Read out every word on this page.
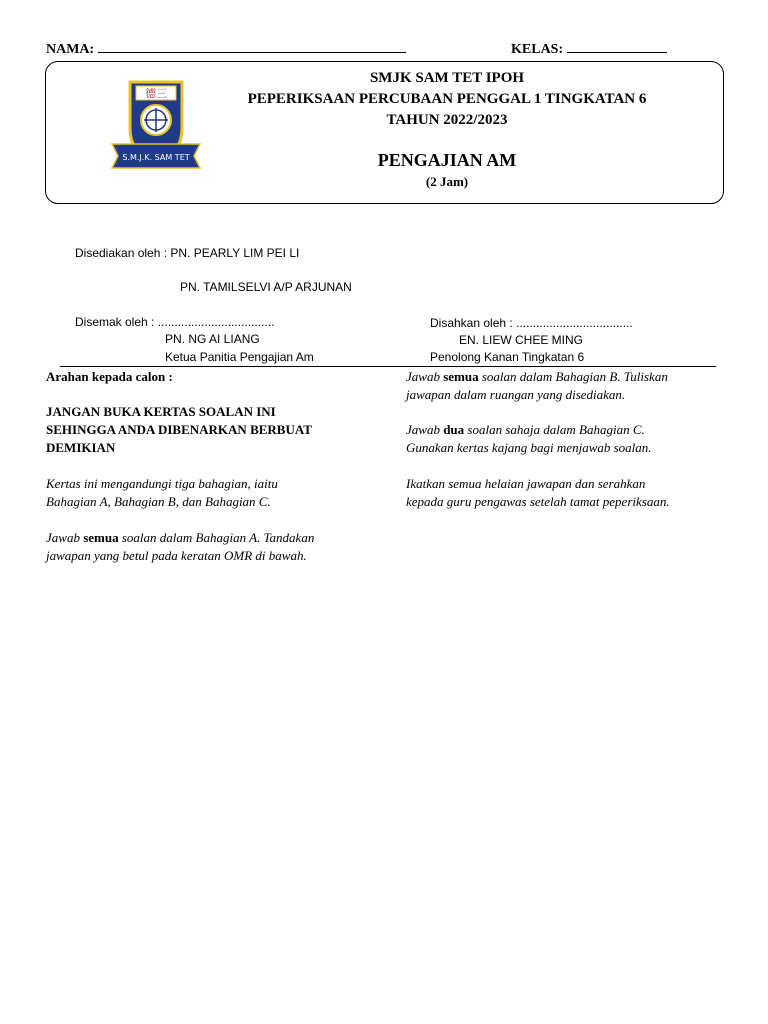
NAMA:	KELAS:
德三
S.M.J.K. SAM TET
SMJK SAM TET IPOH
PEPERIKSAAN PERCUBAAN PENGGAL 1 TINGKATAN 6
TAHUN 2022/2023
PENGAJIAN AM
(2 Jam)
Disediakan oleh : PN. PEARLY LIM PEI LI
PN. TAMILSELVI A/P ARJUNAN
Disemak oleh : ...................................
PN. NG AI LIANG
Ketua Panitia Pengajian Am
Disahkan oleh : ...................................
EN. LIEW CHEE MING
Penolong Kanan Tingkatan 6
Arahan kepada calon :
JANGAN BUKA KERTAS SOALAN INI
SEHINGGA ANDA DIBENARKAN BERBUAT
DEMIKIAN
Kertas ini mengandungi tiga bahagian, iaitu
Bahagian A, Bahagian B, dan Bahagian C.
Jawab semua soalan dalam Bahagian A. Tandakan
jawapan yang betul pada keratan OMR di bawah.
Jawab semua soalan dalam Bahagian B. Tuliskan
jawapan dalam ruangan yang disediakan.
Jawab dua soalan sahaja dalam Bahagian C.
Gunakan kertas kajang bagi menjawab soalan.
Ikatkan semua helaian jawapan dan serahkan
kepada guru pengawas setelah tamat peperiksaan.
